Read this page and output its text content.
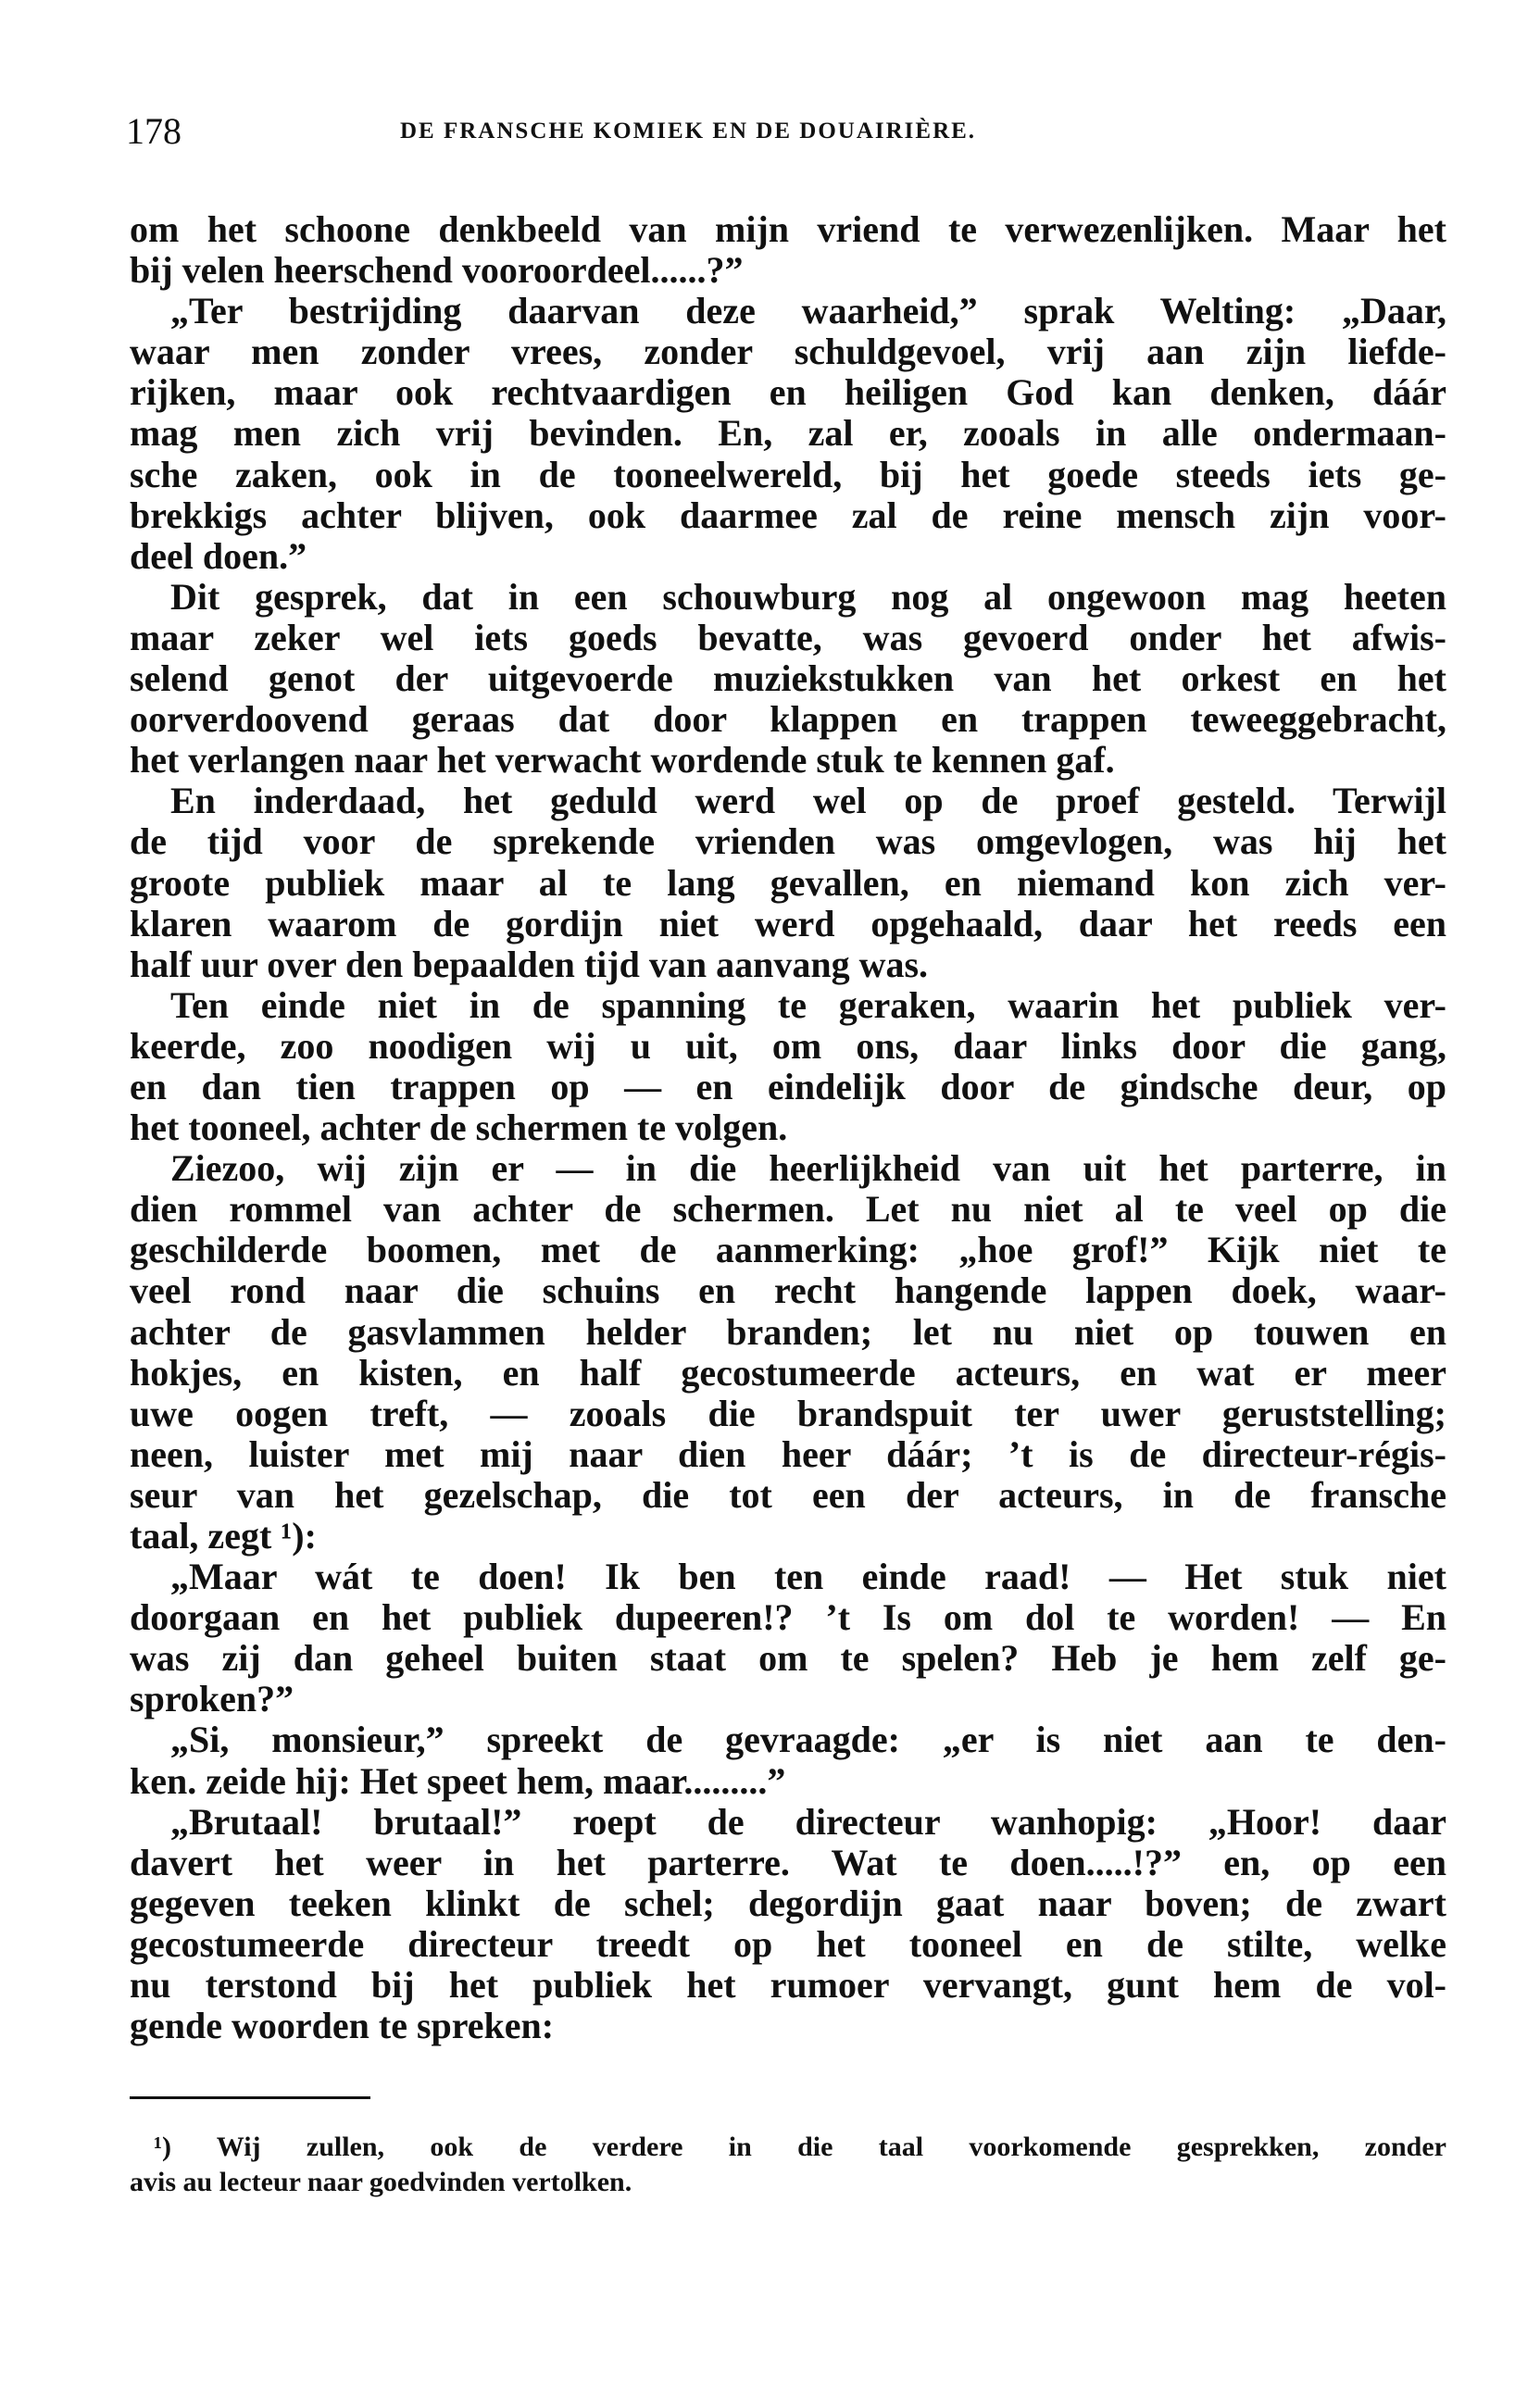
178	DE FRANSCHE KOMIEK EN DE DOUAIRIÈRE.
om het schoone denkbeeld van mijn vriend te verwezenlijken. Maar het
bij velen heerschend vooroordeel......?”
„Ter bestrijding daarvan deze waarheid,” sprak Welting: „Daar,
waar men zonder vrees, zonder schuldgevoel, vrij aan zijn liefde-
rijken, maar ook rechtvaardigen en heiligen God kan denken, dáár
mag men zich vrij bevinden. En, zal er, zooals in alle ondermaan-
sche zaken, ook in de tooneelwereld, bij het goede steeds iets ge-
brekkigs achter blijven, ook daarmee zal de reine mensch zijn voor-
deel doen.”
Dit gesprek, dat in een schouwburg nog al ongewoon mag heeten
maar zeker wel iets goeds bevatte, was gevoerd onder het afwis-
selend genot der uitgevoerde muziekstukken van het orkest en het
oorverdoovend geraas dat door klappen en trappen teweeggebracht,
het verlangen naar het verwacht wordende stuk te kennen gaf.
En inderdaad, het geduld werd wel op de proef gesteld. Terwijl
de tijd voor de sprekende vrienden was omgevlogen, was hij het
groote publiek maar al te lang gevallen, en niemand kon zich ver-
klaren waarom de gordijn niet werd opgehaald, daar het reeds een
half uur over den bepaalden tijd van aanvang was.
Ten einde niet in de spanning te geraken, waarin het publiek ver-
keerde, zoo noodigen wij u uit, om ons, daar links door die gang,
en dan tien trappen op — en eindelijk door de gindsche deur, op
het tooneel, achter de schermen te volgen.
Ziezoo, wij zijn er — in die heerlijkheid van uit het parterre, in
dien rommel van achter de schermen. Let nu niet al te veel op die
geschilderde boomen, met de aanmerking: „hoe grof!” Kijk niet te
veel rond naar die schuins en recht hangende lappen doek, waar-
achter de gasvlammen helder branden; let nu niet op touwen en
hokjes, en kisten, en half gecostumeerde acteurs, en wat er meer
uwe oogen treft, — zooals die brandspuit ter uwer geruststelling;
neen, luister met mij naar dien heer dáár; ’t is de directeur-régis-
seur van het gezelschap, die tot een der acteurs, in de fransche
taal, zegt ¹):
„Maar wát te doen! Ik ben ten einde raad! — Het stuk niet
doorgaan en het publiek dupeeren!? ’t Is om dol te worden! — En
was zij dan geheel buiten staat om te spelen? Heb je hem zelf ge-
sproken?”
„Si, monsieur,” spreekt de gevraagde: „er is niet aan te den-
ken. zeide hij: Het speet hem, maar.........”
„Brutaal! brutaal!” roept de directeur wanhopig: „Hoor! daar
davert het weer in het parterre. Wat te doen.....!?” en, op een
gegeven teeken klinkt de schel; degordijn gaat naar boven; de zwart
gecostumeerde directeur treedt op het tooneel en de stilte, welke
nu terstond bij het publiek het rumoer vervangt, gunt hem de vol-
gende woorden te spreken:
¹) Wij zullen, ook de verdere in die taal voorkomende gesprekken, zonder
avis au lecteur naar goedvinden vertolken.
